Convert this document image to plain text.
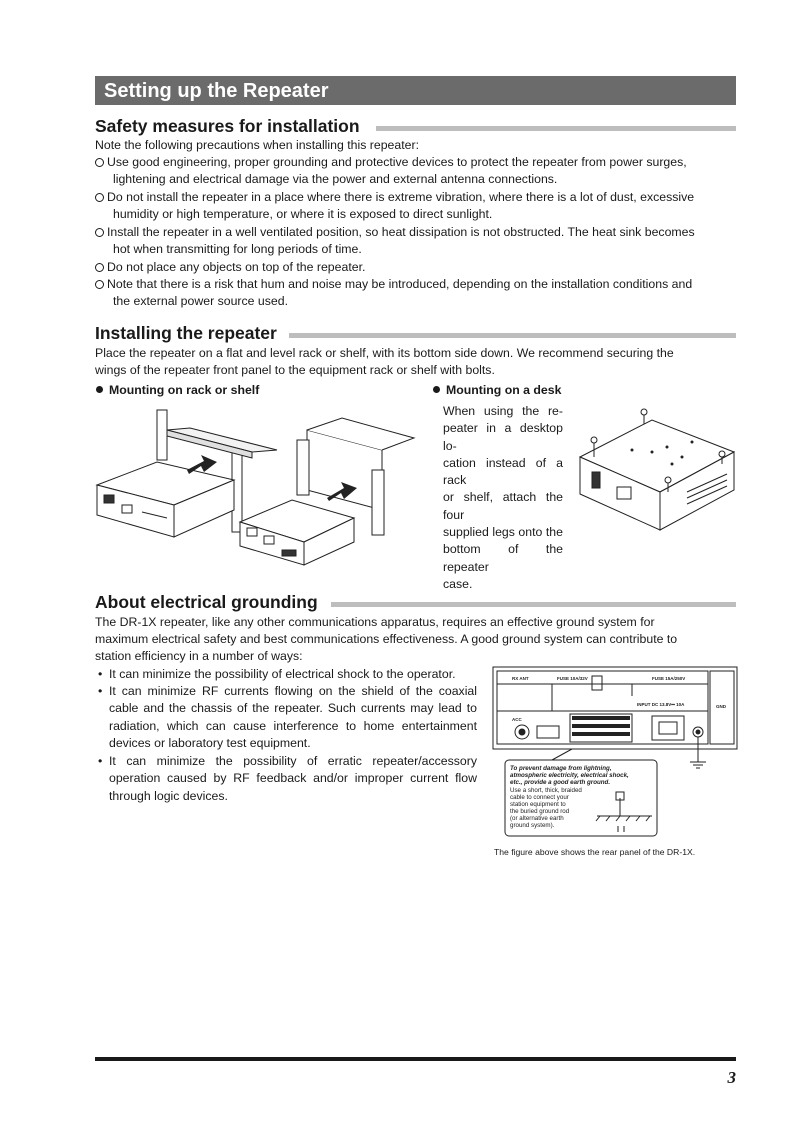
Setting up the Repeater
Safety measures for installation
Note the following precautions when installing this repeater:
Use good engineering, proper grounding and protective devices to protect the repeater from power surges,
lightening and electrical damage via the power and external antenna connections.
Do not install the repeater in a place where there is extreme vibration, where there is a lot of dust, excessive
humidity or high temperature, or where it is exposed to direct sunlight.
Install the repeater in a well ventilated position, so heat dissipation is not obstructed. The heat sink becomes
hot when transmitting for long periods of time.
Do not place any objects on top of the repeater.
Note that there is a risk that hum and noise may be introduced, depending on the installation conditions and
the external power source used.
Installing the repeater
Place the repeater on a flat and level rack or shelf, with its bottom side down. We recommend securing the
wings of the repeater front panel to the equipment rack or shelf with bolts.
Mounting on rack or shelf	Mounting on a desk
When using the re-
peater in a desktop lo-
cation instead of a rack
or shelf, attach the four
supplied legs onto the
bottom of the repeater
case.
About electrical grounding
The DR-1X repeater, like any other communications apparatus, requires an effective ground system for
maximum electrical safety and best communications effectiveness. A good ground system can contribute to
station efficiency in a number of ways:
• It can minimize the possibility of electrical shock to the operator.
• It can minimize RF currents flowing on the shield of the coaxial
cable and the chassis of the repeater. Such currents may lead to
radiation, which can cause interference to home entertainment
devices or laboratory test equipment.
• It can minimize the possibility of erratic repeater/accessory
operation caused by RF feedback and/or improper current flow
through logic devices.
RX ANT	FUSE 10A/32V	FUSE 15A/250V
INPUT DC 13.8V⎓ 10A
ACC
GND
To prevent damage from lightning,
atmospheric electricity, electrical shock,
etc., provide a good earth ground.
Use a short, thick, braided
cable to connect your
station equipment to
the buried ground rod
(or alternative earth
ground system).
The figure above shows the rear panel of the DR-1X.
3
